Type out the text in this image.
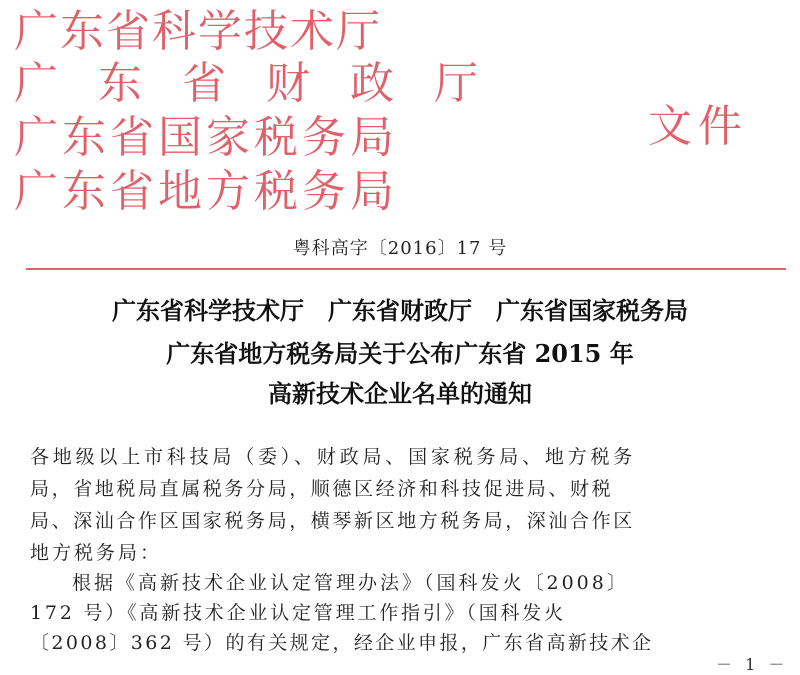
广东省科学技术厅
广东省财政厅
广东省国家税务局
广东省地方税务局
文件
粤科高字〔2016〕17 号
广东省科学技术厅　广东省财政厅　广东省国家税务局
广东省地方税务局关于公布广东省 2015 年
高新技术企业名单的通知
各地级以上市科技局（委）、财政局、国家税务局、地方税务
局，省地税局直属税务分局，顺德区经济和科技促进局、财税
局、深汕合作区国家税务局，横琴新区地方税务局，深汕合作区
地方税务局：
根据《高新技术企业认定管理办法》（国科发火〔2008〕
172 号）《高新技术企业认定管理工作指引》（国科发火
〔2008〕362 号）的有关规定，经企业申报，广东省高新技术企
－ 1 －
